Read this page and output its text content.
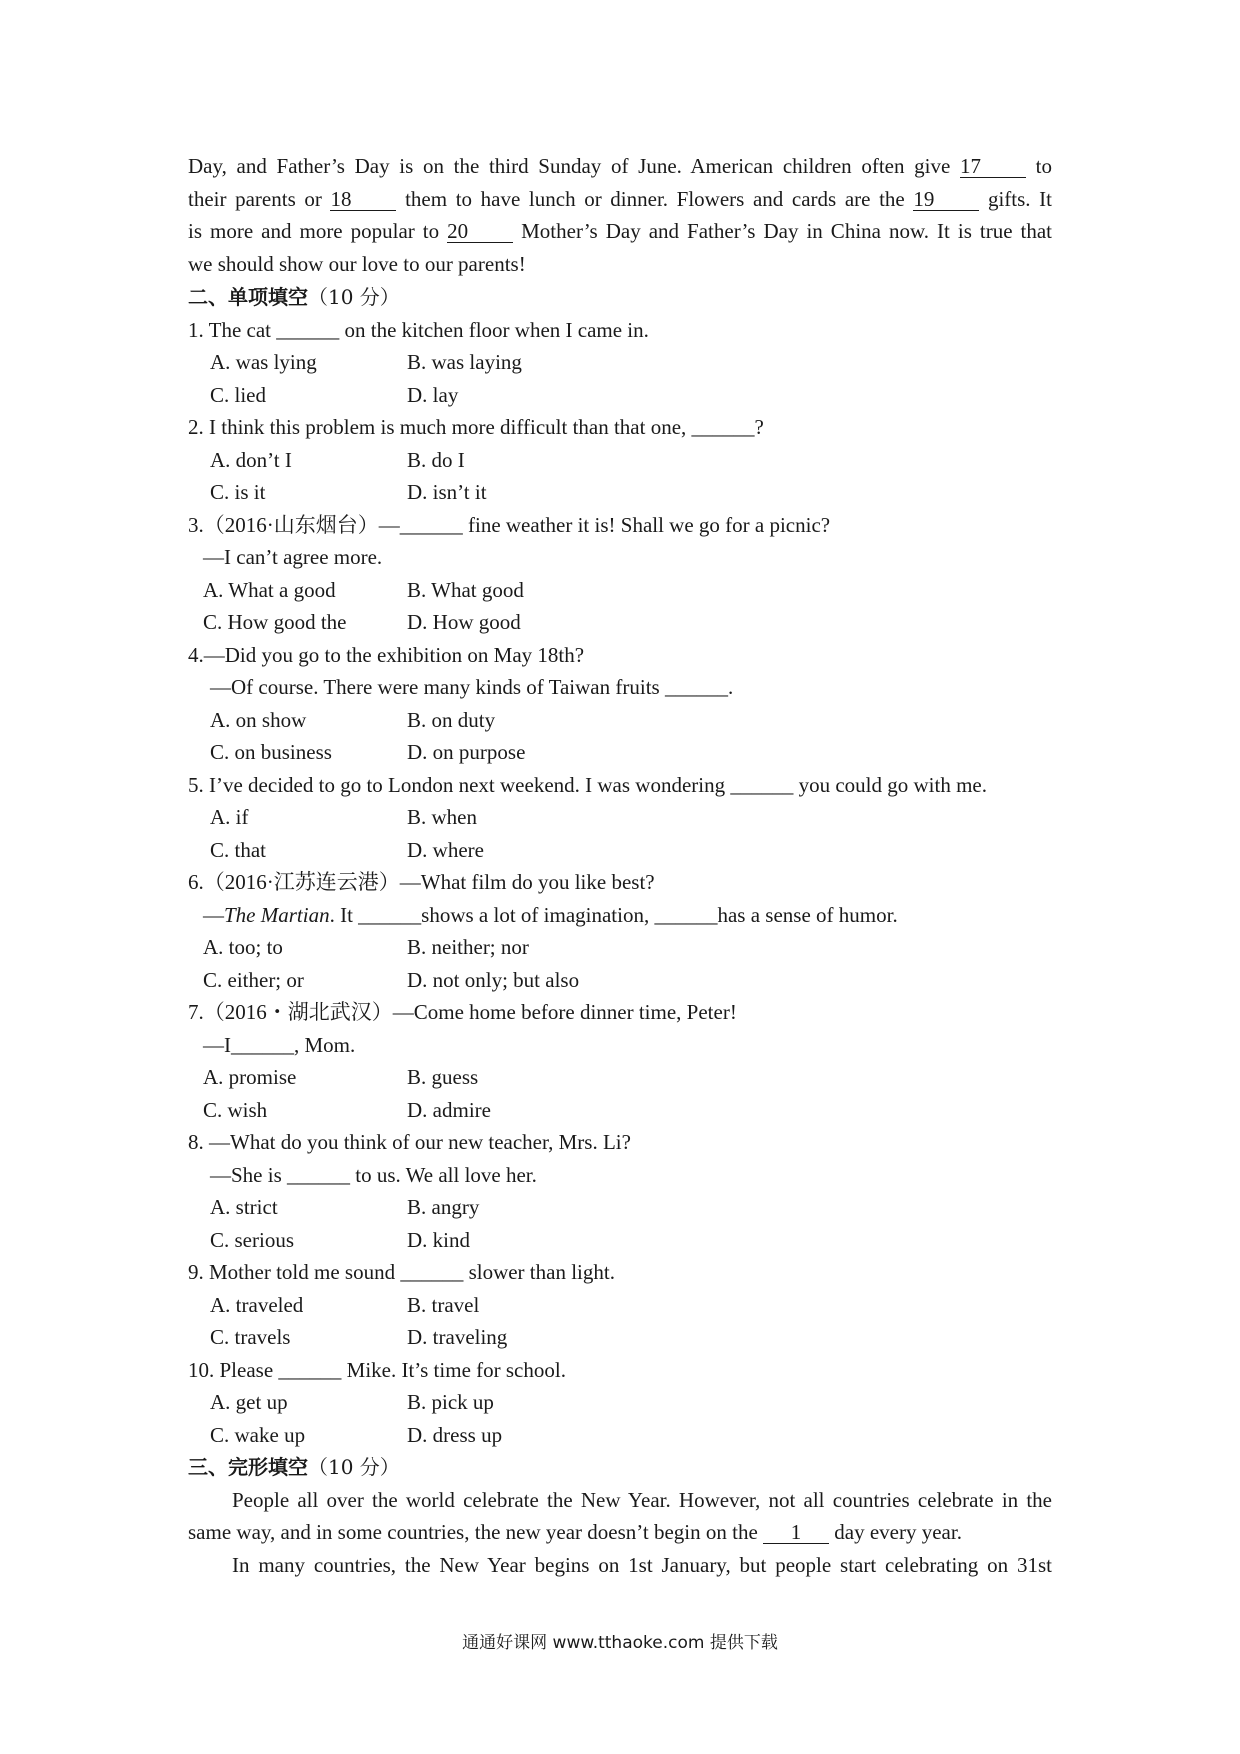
Day, and Father’s Day is on the third Sunday of June. American children often give 17 to
their parents or 18 them to have lunch or dinner. Flowers and cards are the 19 gifts. It
is more and more popular to 20 Mother’s Day and Father’s Day in China now. It is true that
we should show our love to our parents!
二、单项填空（10 分）
1. The cat ______ on the kitchen floor when I came in.
A. was lying	B. was laying
C. lied	D. lay
2. I think this problem is much more difficult than that one, ______?
A. don’t I	B. do I
C. is it	D. isn’t it
3.（2016·山东烟台）—______ fine weather it is! Shall we go for a picnic?
—I can’t agree more.
A. What a good	B. What good
C. How good the	D. How good
4.—Did you go to the exhibition on May 18th?
—Of course. There were many kinds of Taiwan fruits ______.
A. on show	B. on duty
C. on business	D. on purpose
5. I’ve decided to go to London next weekend. I was wondering ______ you could go with me.
A. if	B. when
C. that	D. where
6.（2016·江苏连云港）—What film do you like best?
—The Martian. It ______shows a lot of imagination, ______has a sense of humor.
A. too; to	B. neither; nor
C. either; or	D. not only; but also
7.（2016・湖北武汉）—Come home before dinner time, Peter!
—I______, Mom.
A. promise	B. guess
C. wish	D. admire
8. —What do you think of our new teacher, Mrs. Li?
—She is ______ to us. We all love her.
A. strict	B. angry
C. serious	D. kind
9. Mother told me sound ______ slower than light.
A. traveled	B. travel
C. travels	D. traveling
10. Please ______ Mike. It’s time for school.
A. get up	B. pick up
C. wake up	D. dress up
三、完形填空（10 分）
People all over the world celebrate the New Year. However, not all countries celebrate in the
same way, and in some countries, the new year doesn’t begin on the 1 day every year.
In many countries, the New Year begins on 1st January, but people start celebrating on 31st
通通好课网 www.tthaoke.com 提供下载
